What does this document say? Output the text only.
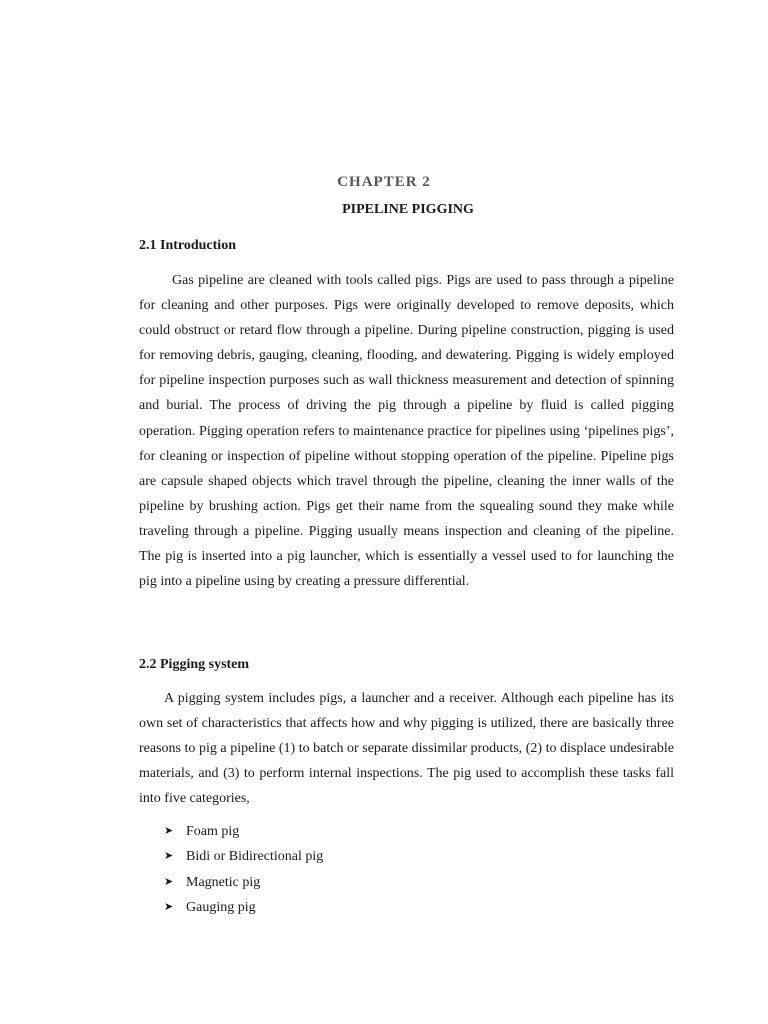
CHAPTER 2
PIPELINE PIGGING
2.1 Introduction

Gas pipeline are cleaned with tools called pigs. Pigs are used to pass through a pipeline for cleaning and other purposes. Pigs were originally developed to remove deposits, which could obstruct or retard flow through a pipeline. During pipeline construction, pigging is used for removing debris, gauging, cleaning, flooding, and dewatering. Pigging is widely employed for pipeline inspection purposes such as wall thickness measurement and detection of spinning and burial. The process of driving the pig through a pipeline by fluid is called pigging operation. Pigging operation refers to maintenance practice for pipelines using ‘pipelines pigs’, for cleaning or inspection of pipeline without stopping operation of the pipeline. Pipeline pigs are capsule shaped objects which travel through the pipeline, cleaning the inner walls of the pipeline by brushing action. Pigs get their name from the squealing sound they make while traveling through a pipeline. Pigging usually means inspection and cleaning of the pipeline. The pig is inserted into a pig launcher, which is essentially a vessel used to for launching the pig into a pipeline using by creating a pressure differential.

2.2 Pigging system

A pigging system includes pigs, a launcher and a receiver. Although each pipeline has its own set of characteristics that affects how and why pigging is utilized, there are basically three reasons to pig a pipeline (1) to batch or separate dissimilar products, (2) to displace undesirable materials, and (3) to perform internal inspections. The pig used to accomplish these tasks fall into five categories,

➤ Foam pig
➤ Bidi or Bidirectional pig
➤ Magnetic pig
➤ Gauging pig
